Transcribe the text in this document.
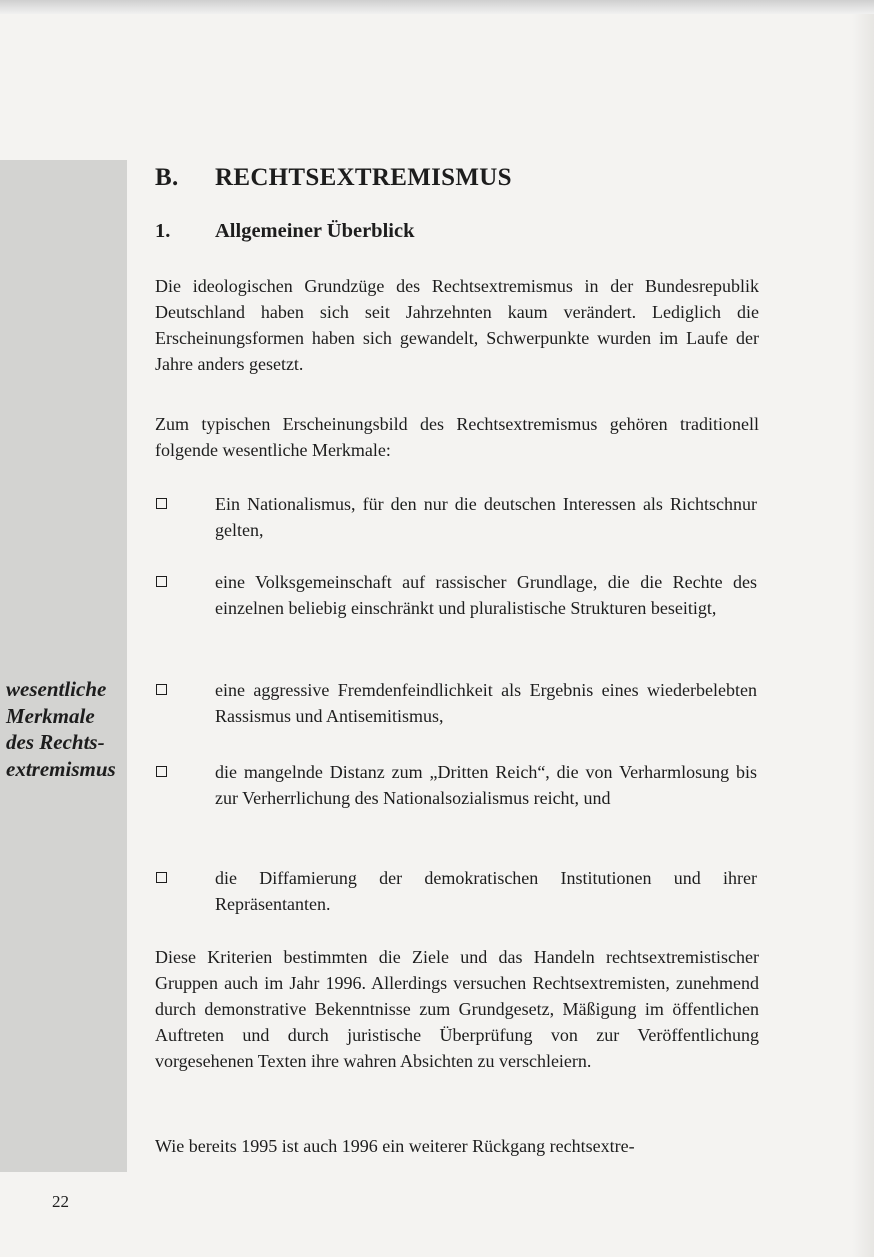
wesentliche
Merkmale
des Rechts-
extremismus
B. RECHTSEXTREMISMUS
1. Allgemeiner Überblick

Die ideologischen Grundzüge des Rechtsextremismus in der Bundesrepublik Deutschland haben sich seit Jahrzehnten kaum verändert. Lediglich die Erscheinungsformen haben sich gewandelt, Schwerpunkte wurden im Laufe der Jahre anders gesetzt.

Zum typischen Erscheinungsbild des Rechtsextremismus gehören traditionell folgende wesentliche Merkmale:

Ein Nationalismus, für den nur die deutschen Interessen als Richtschnur gelten,

eine Volksgemeinschaft auf rassischer Grundlage, die die Rechte des einzelnen beliebig einschränkt und pluralistische Strukturen beseitigt,

eine aggressive Fremdenfeindlichkeit als Ergebnis eines wiederbelebten Rassismus und Antisemitismus,

die mangelnde Distanz zum „Dritten Reich“, die von Verharmlosung bis zur Verherrlichung des Nationalsozialismus reicht, und

die Diffamierung der demokratischen Institutionen und ihrer Repräsentanten.

Diese Kriterien bestimmten die Ziele und das Handeln rechtsextremistischer Gruppen auch im Jahr 1996. Allerdings versuchen Rechtsextremisten, zunehmend durch demonstrative Bekenntnisse zum Grundgesetz, Mäßigung im öffentlichen Auftreten und durch juristische Überprüfung von zur Veröffentlichung vorgesehenen Texten ihre wahren Absichten zu verschleiern.

Wie bereits 1995 ist auch 1996 ein weiterer Rückgang rechtsextre-

22
